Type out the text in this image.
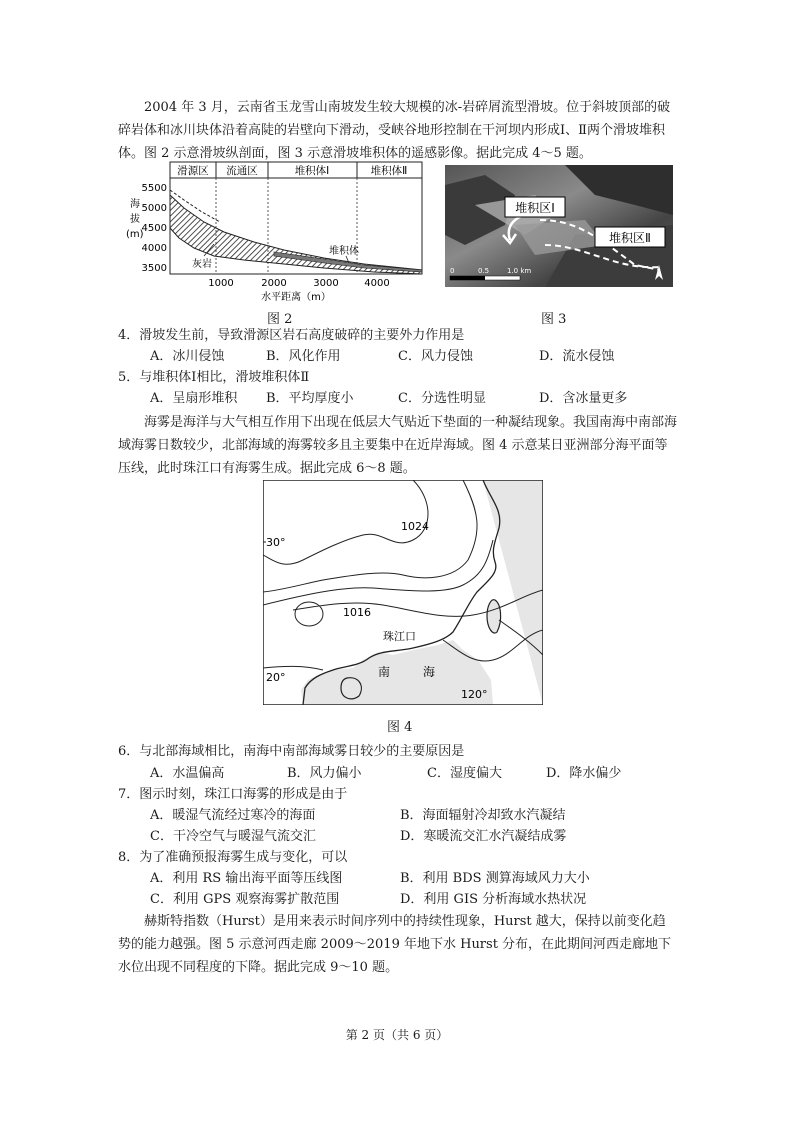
2004 年 3 月，云南省玉龙雪山南坡发生较大规模的冰-岩碎屑流型滑坡。位于斜坡顶部的破碎岩体和冰川块体沿着高陡的岩壁向下滑动，受峡谷地形控制在干河坝内形成Ⅰ、Ⅱ两个滑坡堆积体。图 2 示意滑坡纵剖面，图 3 示意滑坡堆积体的遥感影像。据此完成 4～5 题。

滑源区 流通区	堆积体Ⅰ	堆积体Ⅱ
海
拔
(m)
5500
5000
4500
4000
3500
1000	2000	3000	4000
水平距离（m）
灰岩
堆积体
堆积区Ⅰ
堆积区Ⅱ
0	0.5	1.0 km
图 2	图 3
4．滑坡发生前，导致滑源区岩石高度破碎的主要外力作用是
A．冰川侵蚀	B．风化作用	C．风力侵蚀	D．流水侵蚀
5．与堆积体Ⅰ相比，滑坡堆积体Ⅱ
A．呈扇形堆积 B．平均厚度小	C．分选性明显	D．含冰量更多

海雾是海洋与大气相互作用下出现在低层大气贴近下垫面的一种凝结现象。我国南海中南部海域海雾日数较少，北部海域的海雾较多且主要集中在近岸海域。图 4 示意某日亚洲部分海平面等压线，此时珠江口有海雾生成。据此完成 6～8 题。

30°
20°
120°
1024
1016
珠江口
南	海
图 4
6．与北部海域相比，南海中南部海域雾日较少的主要原因是
A．水温偏高	B．风力偏小	C．湿度偏大	D．降水偏少
7．图示时刻，珠江口海雾的形成是由于
A．暖湿气流经过寒冷的海面	B．海面辐射冷却致水汽凝结
C．干冷空气与暖湿气流交汇	D．寒暖流交汇水汽凝结成雾
8．为了准确预报海雾生成与变化，可以
A．利用 RS 输出海平面等压线图	B．利用 BDS 测算海域风力大小
C．利用 GPS 观察海雾扩散范围	D．利用 GIS 分析海域水热状况

赫斯特指数（Hurst）是用来表示时间序列中的持续性现象，Hurst 越大，保持以前变化趋势的能力越强。图 5 示意河西走廊 2009～2019 年地下水 Hurst 分布，在此期间河西走廊地下水位出现不同程度的下降。据此完成 9～10 题。

第 2 页（共 6 页）
